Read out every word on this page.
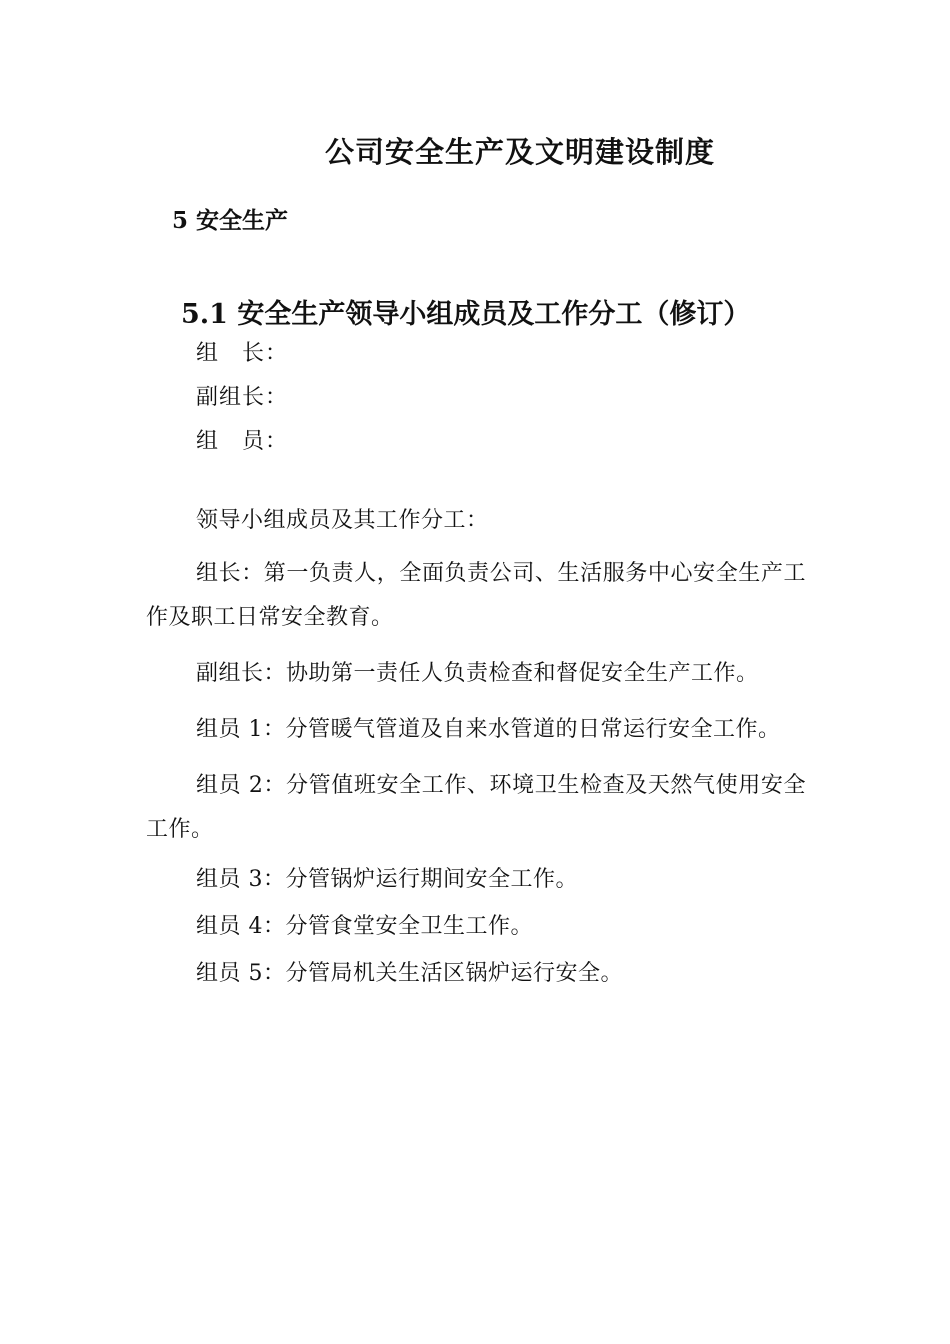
公司安全生产及文明建设制度
5 安全生产
5.1 安全生产领导小组成员及工作分工（修订）
组　长：
副组长：
组　员：

领导小组成员及其工作分工：

组长：第一负责人，全面负责公司、生活服务中心安全生产工作及职工日常安全教育。

副组长：协助第一责任人负责检查和督促安全生产工作。

组员 1：分管暖气管道及自来水管道的日常运行安全工作。

组员 2：分管值班安全工作、环境卫生检查及天然气使用安全工作。

组员 3：分管锅炉运行期间安全工作。

组员 4：分管食堂安全卫生工作。

组员 5：分管局机关生活区锅炉运行安全。
